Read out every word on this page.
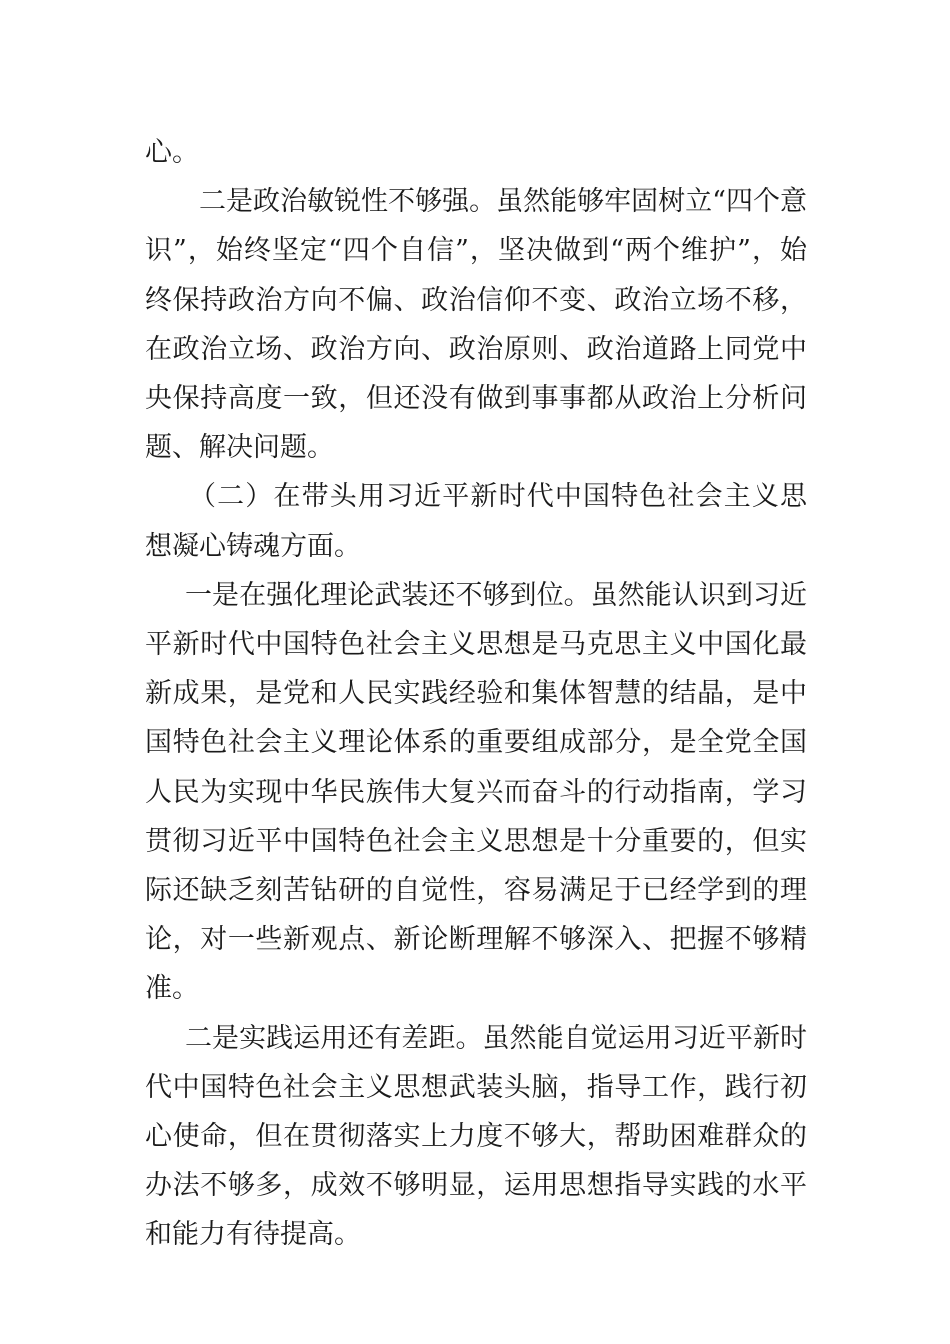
心。

二是政治敏锐性不够强。虽然能够牢固树立“四个意识”，始终坚定“四个自信”，坚决做到“两个维护”，始终保持政治方向不偏、政治信仰不变、政治立场不移，在政治立场、政治方向、政治原则、政治道路上同党中央保持高度一致，但还没有做到事事都从政治上分析问题、解决问题。

（二）在带头用习近平新时代中国特色社会主义思想凝心铸魂方面。

一是在强化理论武装还不够到位。虽然能认识到习近平新时代中国特色社会主义思想是马克思主义中国化最新成果，是党和人民实践经验和集体智慧的结晶，是中国特色社会主义理论体系的重要组成部分，是全党全国人民为实现中华民族伟大复兴而奋斗的行动指南，学习贯彻习近平中国特色社会主义思想是十分重要的，但实际还缺乏刻苦钻研的自觉性，容易满足于已经学到的理论，对一些新观点、新论断理解不够深入、把握不够精准。

二是实践运用还有差距。虽然能自觉运用习近平新时代中国特色社会主义思想武装头脑，指导工作，践行初心使命，但在贯彻落实上力度不够大，帮助困难群众的办法不够多，成效不够明显，运用思想指导实践的水平和能力有待提高。
